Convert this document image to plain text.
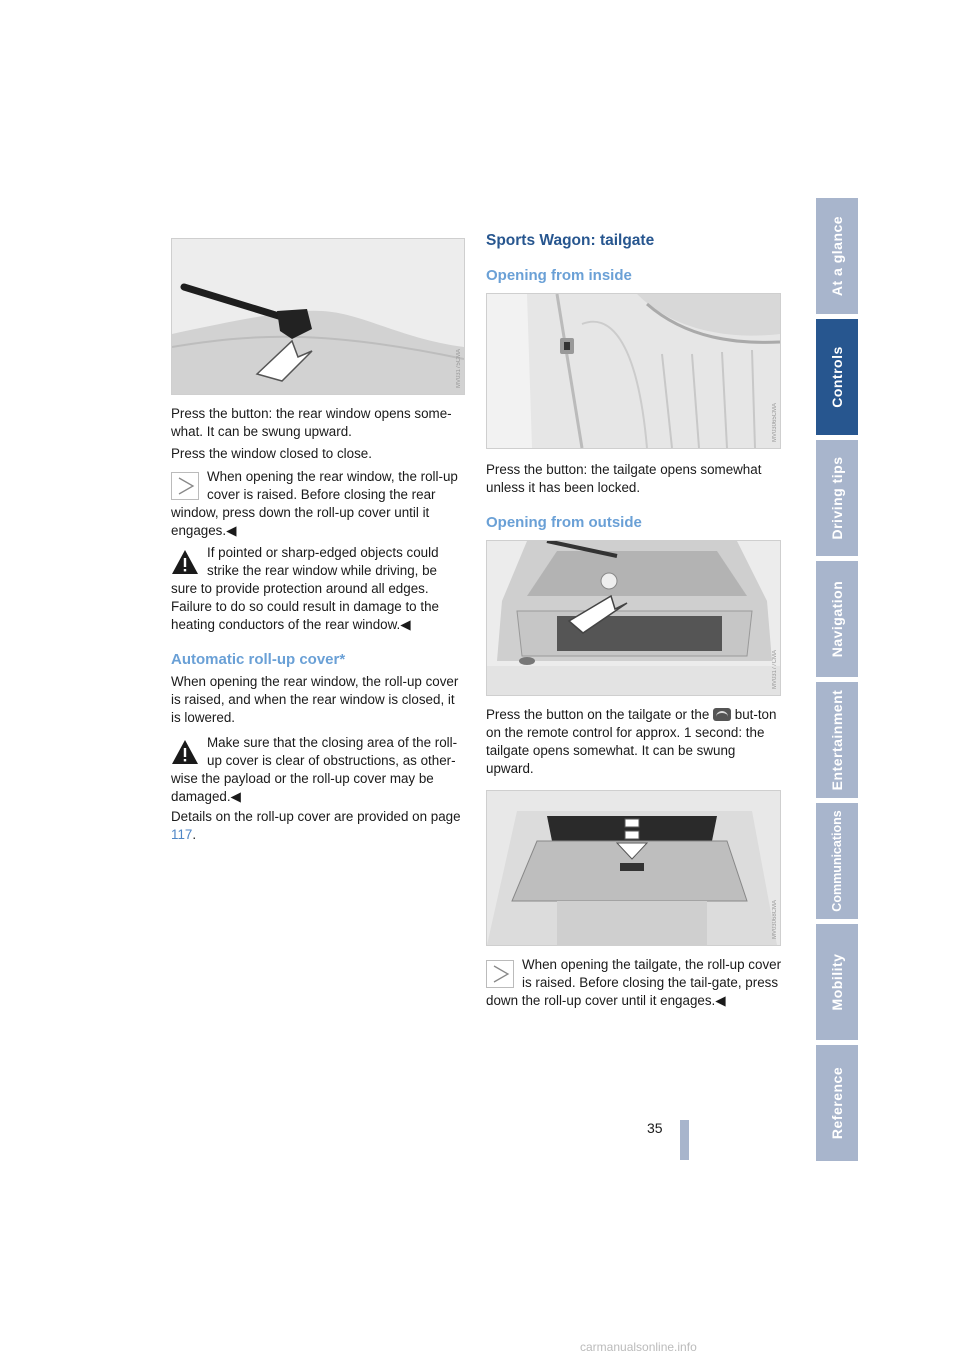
At a glance
Controls
Driving tips
Navigation
Entertainment
Communications
Mobility
Reference
MV03175CMA

Press the button: the rear window opens some-what. It can be swung upward.

Press the window closed to close.

When opening the rear window, the roll-up cover is raised. Before closing the rear window, press down the roll-up cover until it engages.◀
If pointed or sharp-edged objects could strike the rear window while driving, be sure to provide protection around all edges. Failure to do so could result in damage to the heating conductors of the rear window.◀
Automatic roll-up cover*

When opening the rear window, the roll-up cover is raised, and when the rear window is closed, it is lowered.

Make sure that the closing area of the roll-up cover is clear of obstructions, as other-wise the payload or the roll-up cover may be damaged.◀

Details on the roll-up cover are provided on page 117.

Sports Wagon: tailgate
Opening from inside
MV03065CMA

Press the button: the tailgate opens somewhat unless it has been locked.

Opening from outside
MV03177CMA

Press the button on the tailgate or the  but-ton on the remote control for approx. 1 second: the tailgate opens somewhat. It can be swung upward.

MV03068CMA
When opening the tailgate, the roll-up cover is raised. Before closing the tail-gate, press down the roll-up cover until it engages.◀
35
carmanualsonline.info
